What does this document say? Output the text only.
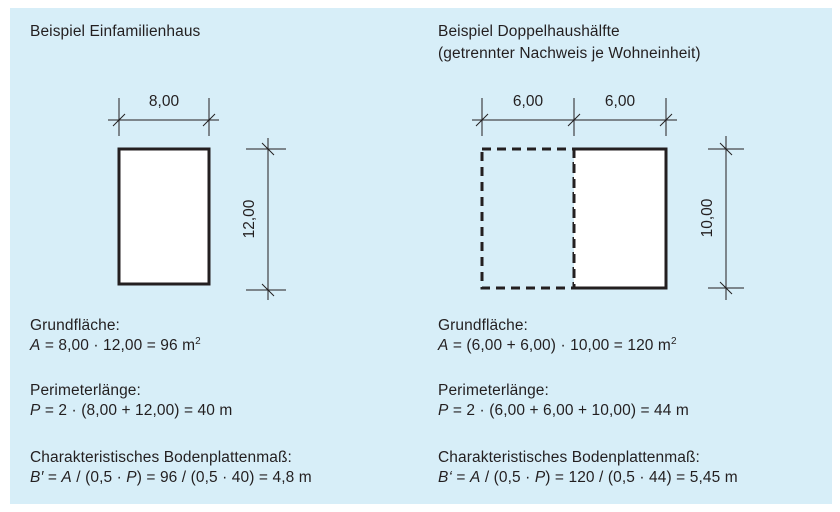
8,00
12,00
6,00	6,00
10,00
Beispiel Einfamilienhaus
Grundfläche:
A = 8,00 · 12,00 = 96 $m^2$
Perimeterlänge:
P = 2 · (8,00 + 12,00) = 40 m
Charakteristisches Bodenplattenmaß:
B′ = A / (0,5 · P) = 96 / (0,5 · 40) = 4,8 m
Beispiel Doppelhaushälfte
(getrennter Nachweis je Wohneinheit)
Grundfläche:
A = (6,00 + 6,00) · 10,00 = 120 $m^2$
Perimeterlänge:
P = 2 · (6,00 + 6,00 + 10,00) = 44 m
Charakteristisches Bodenplattenmaß:
B‘ = A / (0,5 · P) = 120 / (0,5 · 44) = 5,45 m
